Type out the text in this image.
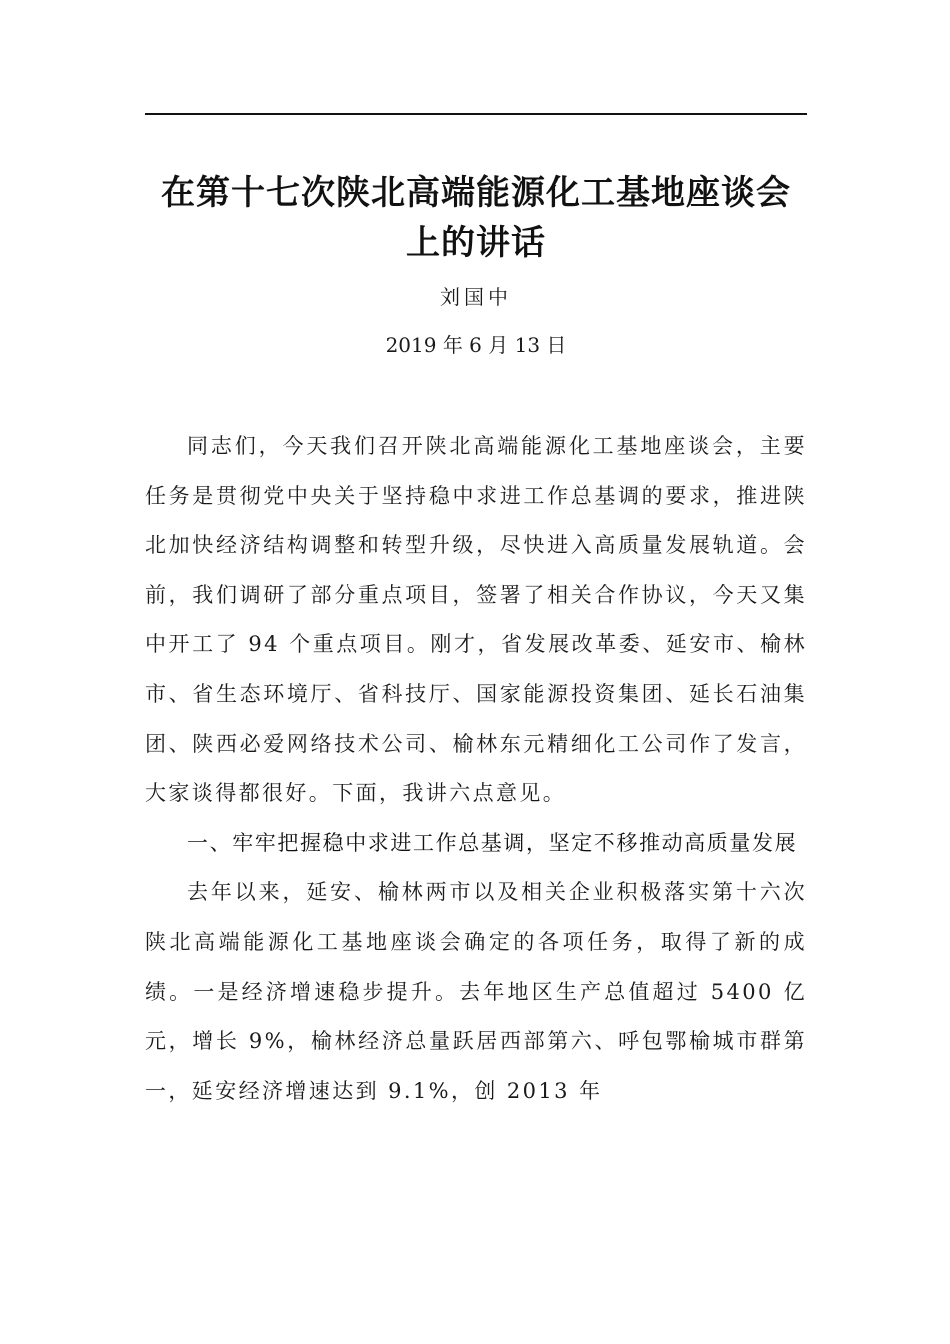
在第十七次陕北高端能源化工基地座谈会
上的讲话

刘国中

2019 年 6 月 13 日

同志们，今天我们召开陕北高端能源化工基地座谈会，主要任务是贯彻党中央关于坚持稳中求进工作总基调的要求，推进陕北加快经济结构调整和转型升级，尽快进入高质量发展轨道。会前，我们调研了部分重点项目，签署了相关合作协议，今天又集中开工了 94 个重点项目。刚才，省发展改革委、延安市、榆林市、省生态环境厅、省科技厅、国家能源投资集团、延长石油集团、陕西必爱网络技术公司、榆林东元精细化工公司作了发言，大家谈得都很好。下面，我讲六点意见。

一、牢牢把握稳中求进工作总基调，坚定不移推动高质量发展

去年以来，延安、榆林两市以及相关企业积极落实第十六次陕北高端能源化工基地座谈会确定的各项任务，取得了新的成绩。一是经济增速稳步提升。去年地区生产总值超过 5400 亿元，增长 9%，榆林经济总量跃居西部第六、呼包鄂榆城市群第一，延安经济增速达到 9.1%，创 2013 年
